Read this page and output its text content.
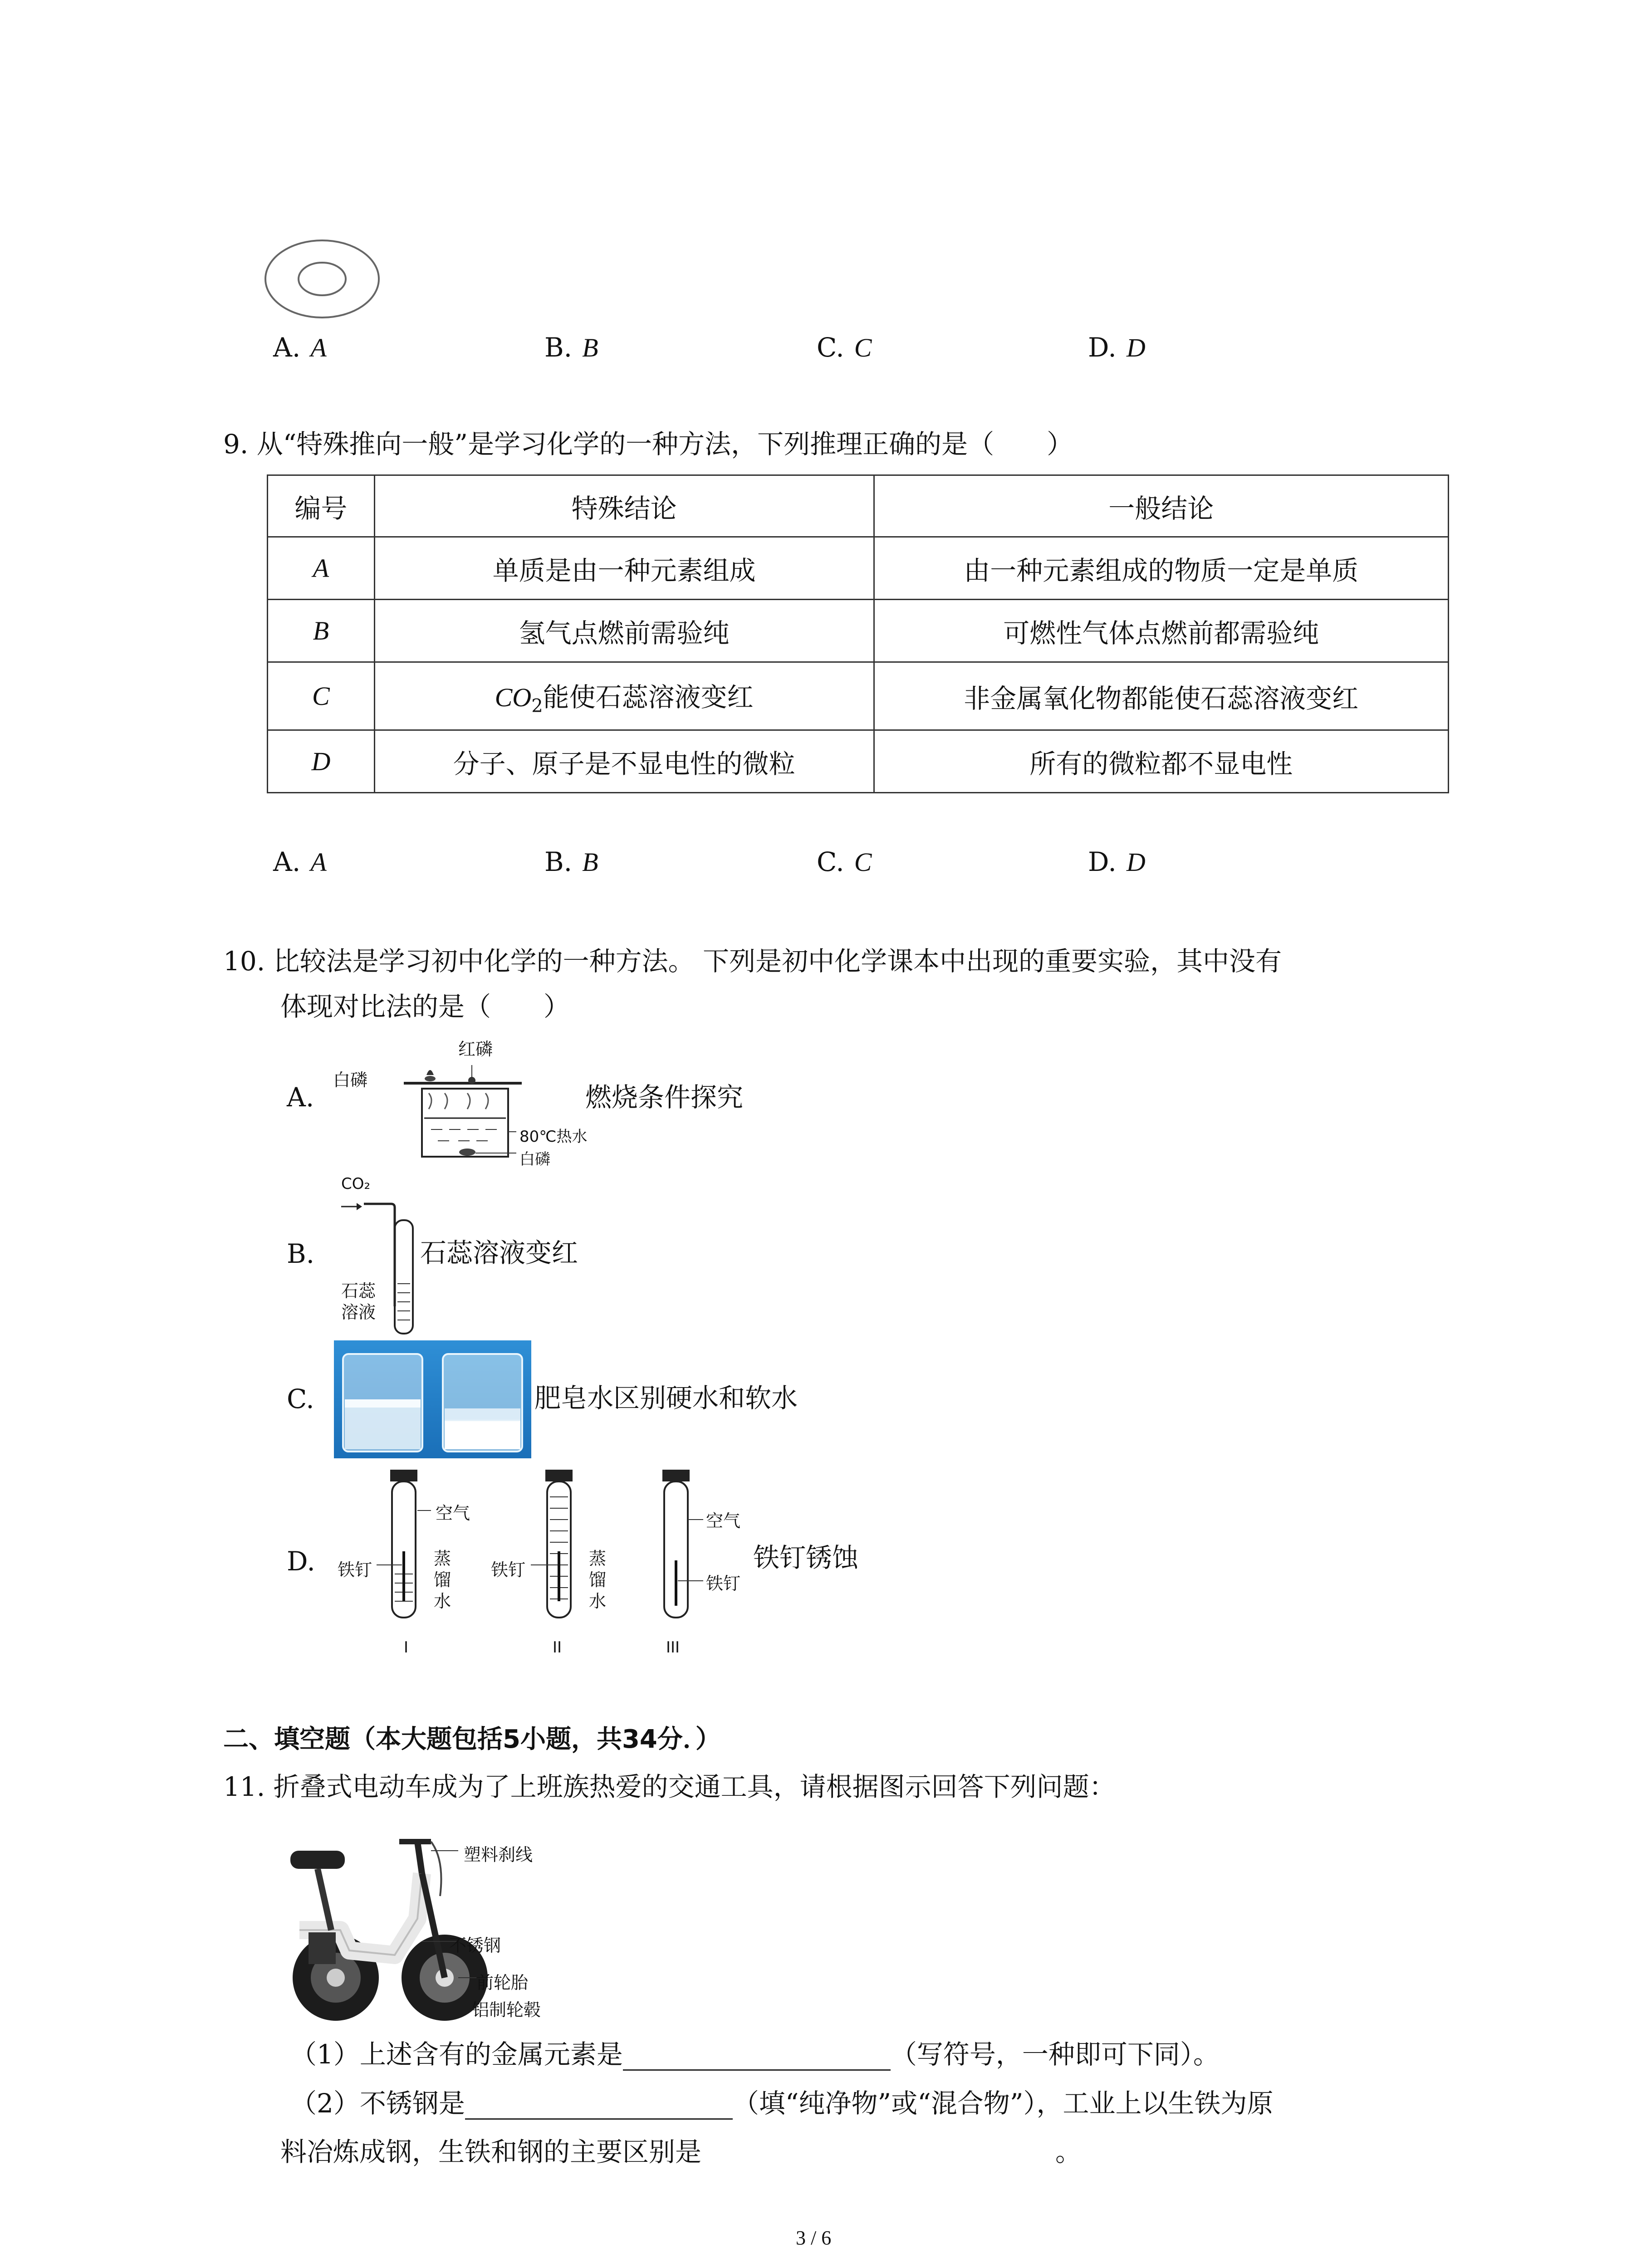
A. A	B. B	C. C	D. D
9. 从“特殊推向一般”是学习化学的一种方法，下列推理正确的是（　　）
编号	特殊结论	一般结论
A	单质是由一种元素组成	由一种元素组成的物质一定是单质
B	氢气点燃前需验纯	可燃性气体点燃前都需验纯
C	$CO_2$能使石蕊溶液变红	非金属氧化物都能使石蕊溶液变红
D	分子、原子是不显电性的微粒	所有的微粒都不显电性
A. A	B. B	C. C	D. D
10. 比较法是学习初中化学的一种方法。 下列是初中化学课本中出现的重要实验，其中没有
体现对比法的是（　　）
A.
红磷
白磷
80℃热水
白磷
燃烧条件探究
B.
CO₂
石蕊
溶液
石蕊溶液变红
C.	肥皂水区别硬水和软水
D.
空气
铁钉
蒸
馏
水
铁钉
蒸
馏
水
空气
铁钉
I	II	III
铁钉锈蚀
二、填空题（本大题包括5小题，共34分．）
11. 折叠式电动车成为了上班族热爱的交通工具，请根据图示回答下列问题：
塑料刹线
不锈钢
前轮胎
铝制轮毂
（1）上述含有的金属元素是	（写符号，一种即可下同）。
（2）不锈钢是	（填“纯净物”或“混合物”），工业上以生铁为原
料冶炼成钢，生铁和钢的主要区别是	。
3 / 6
